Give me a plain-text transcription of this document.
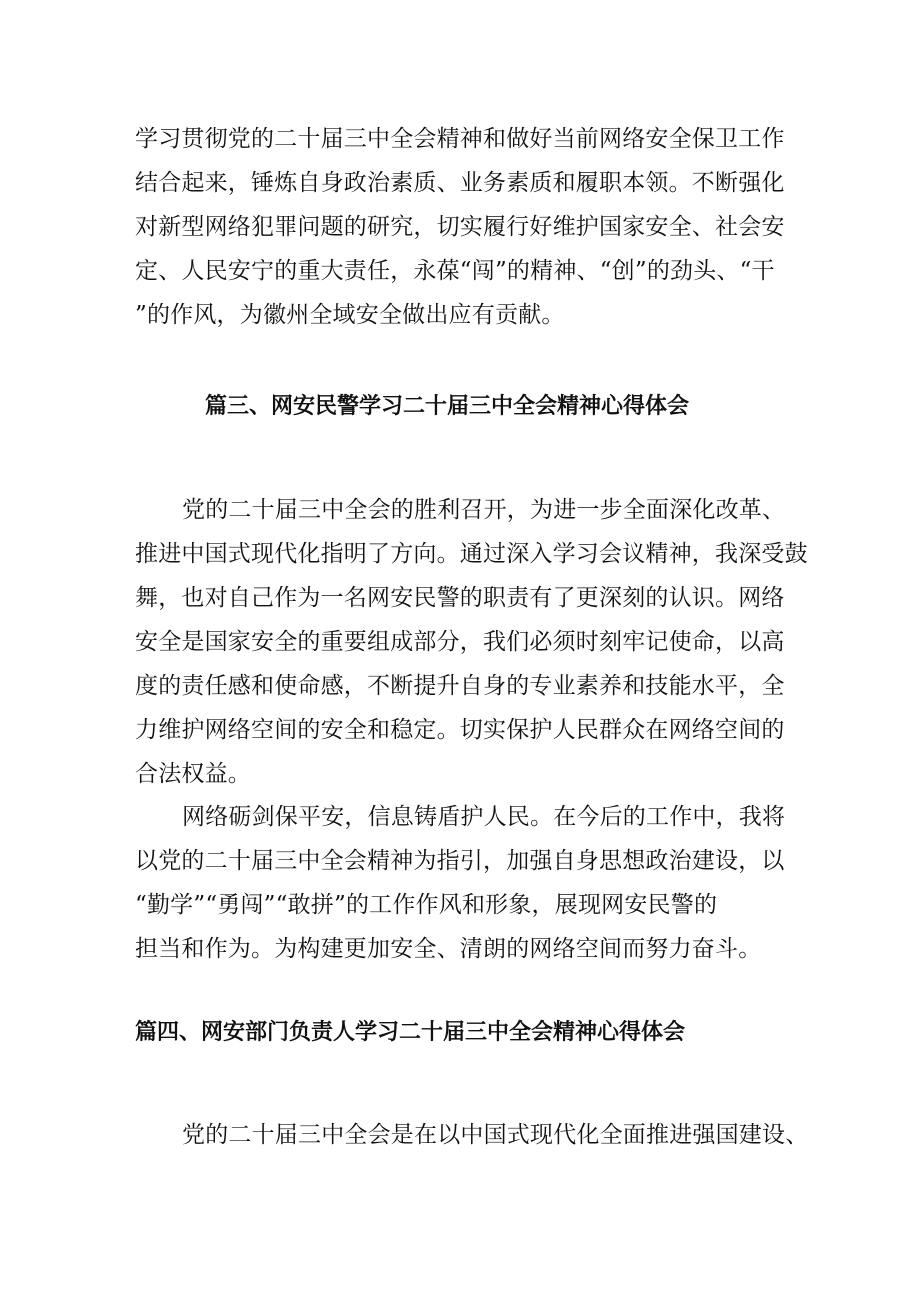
学习贯彻党的二十届三中全会精神和做好当前网络安全保卫工作
结合起来，锤炼自身政治素质、业务素质和履职本领。不断强化
对新型网络犯罪问题的研究，切实履行好维护国家安全、社会安
定、人民安宁的重大责任，永葆“闯”的精神、“创”的劲头、“干
”的作风，为徽州全域安全做出应有贡献。
篇三、网安民警学习二十届三中全会精神心得体会
党的二十届三中全会的胜利召开，为进一步全面深化改革、
推进中国式现代化指明了方向。通过深入学习会议精神，我深受鼓
舞，也对自己作为一名网安民警的职责有了更深刻的认识。网络
安全是国家安全的重要组成部分，我们必须时刻牢记使命，以高
度的责任感和使命感，不断提升自身的专业素养和技能水平，全
力维护网络空间的安全和稳定。切实保护人民群众在网络空间的
合法权益。
网络砺剑保平安，信息铸盾护人民。在今后的工作中，我将
以党的二十届三中全会精神为指引，加强自身思想政治建设，以
“勤学”“勇闯”“敢拼”的工作作风和形象，展现网安民警的
担当和作为。为构建更加安全、清朗的网络空间而努力奋斗。
篇四、网安部门负责人学习二十届三中全会精神心得体会
党的二十届三中全会是在以中国式现代化全面推进强国建设、
